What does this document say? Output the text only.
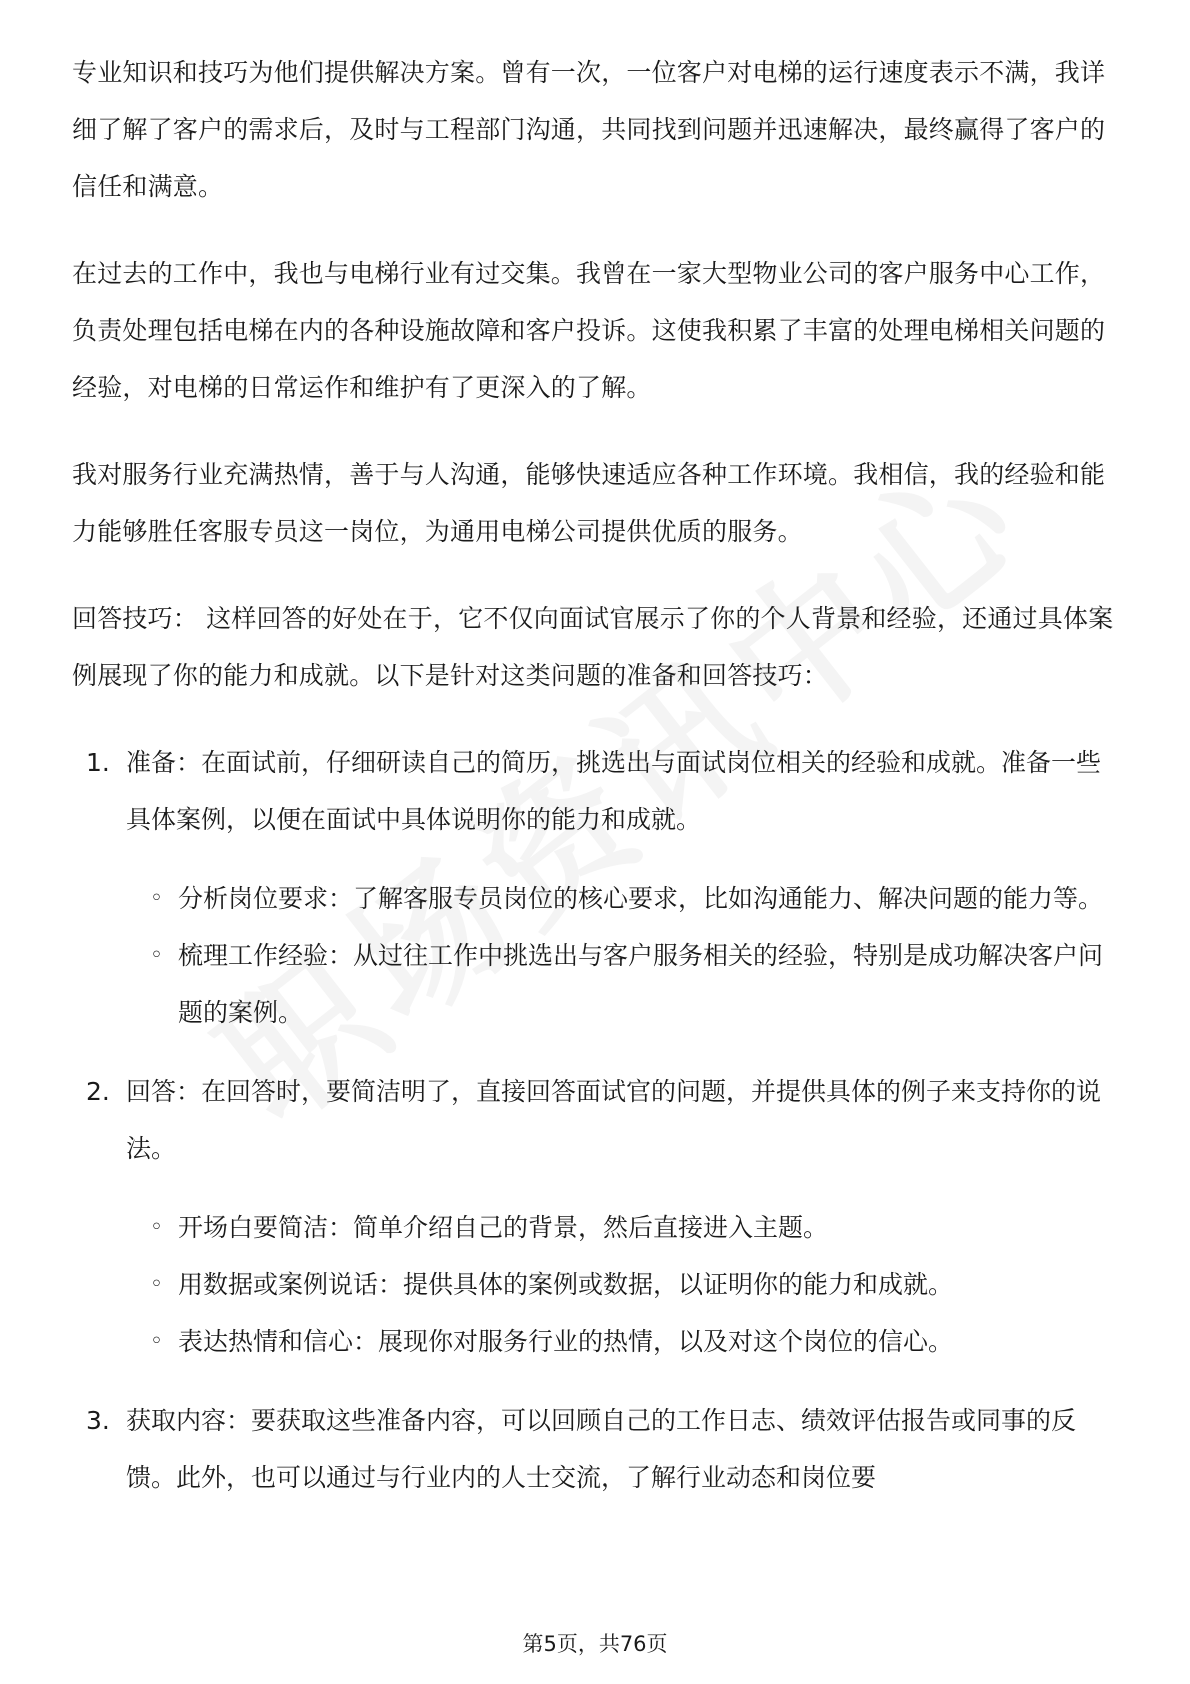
专业知识和技巧为他们提供解决方案。曾有一次，一位客户对电梯的运行速度表示不满，我详细了解了客户的需求后，及时与工程部门沟通，共同找到问题并迅速解决，最终赢得了客户的信任和满意。

在过去的工作中，我也与电梯行业有过交集。我曾在一家大型物业公司的客户服务中心工作，负责处理包括电梯在内的各种设施故障和客户投诉。这使我积累了丰富的处理电梯相关问题的经验，对电梯的日常运作和维护有了更深入的了解。

我对服务行业充满热情，善于与人沟通，能够快速适应各种工作环境。我相信，我的经验和能力能够胜任客服专员这一岗位，为通用电梯公司提供优质的服务。

回答技巧： 这样回答的好处在于，它不仅向面试官展示了你的个人背景和经验，还通过具体案例展现了你的能力和成就。以下是针对这类问题的准备和回答技巧：

1. 准备：在面试前，仔细研读自己的简历，挑选出与面试岗位相关的经验和成就。准备一些具体案例，以便在面试中具体说明你的能力和成就。
◦ 分析岗位要求：了解客服专员岗位的核心要求，比如沟通能力、解决问题的能力等。
◦ 梳理工作经验：从过往工作中挑选出与客户服务相关的经验，特别是成功解决客户问题的案例。
2. 回答：在回答时，要简洁明了，直接回答面试官的问题，并提供具体的例子来支持你的说法。
◦ 开场白要简洁：简单介绍自己的背景，然后直接进入主题。
◦ 用数据或案例说话：提供具体的案例或数据，以证明你的能力和成就。
◦ 表达热情和信心：展现你对服务行业的热情，以及对这个岗位的信心。
3. 获取内容：要获取这些准备内容，可以回顾自己的工作日志、绩效评估报告或同事的反馈。此外，也可以通过与行业内的人士交流，了解行业动态和岗位要
第5页，共76页
